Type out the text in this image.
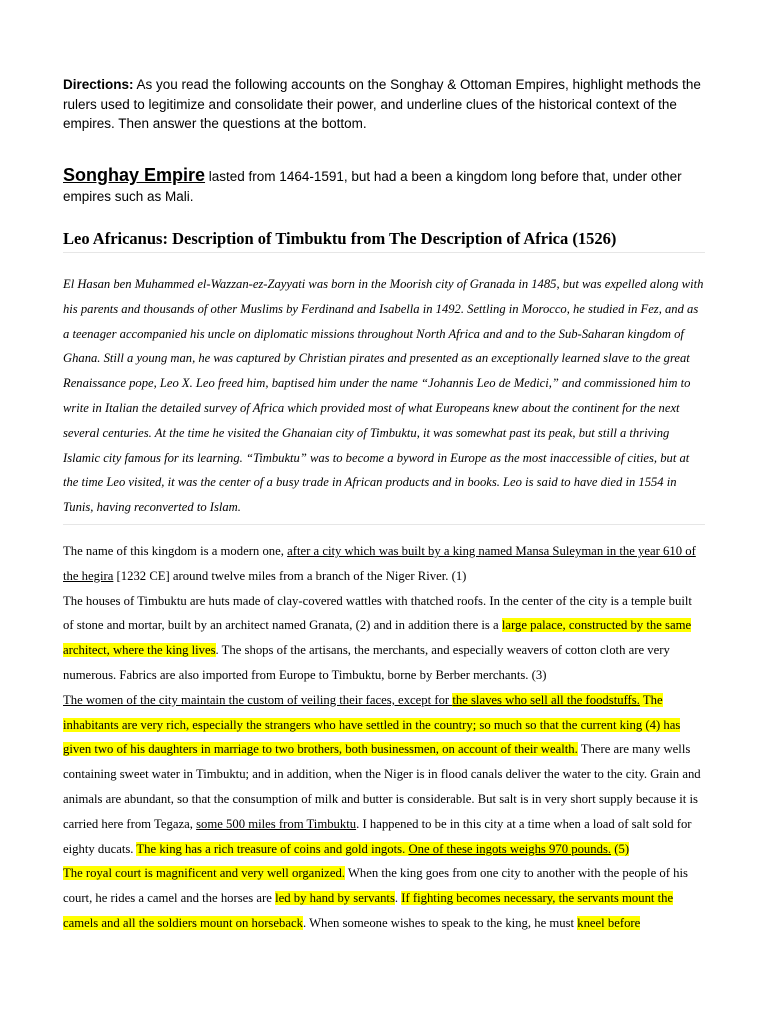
Directions: As you read the following accounts on the Songhay & Ottoman Empires, highlight methods the rulers used to legitimize and consolidate their power, and underline clues of the historical context of the empires. Then answer the questions at the bottom.
Songhay Empire lasted from 1464-1591, but had a been a kingdom long before that, under other empires such as Mali.
Leo Africanus: Description of Timbuktu from The Description of Africa (1526)
El Hasan ben Muhammed el-Wazzan-ez-Zayyati was born in the Moorish city of Granada in 1485, but was expelled along with his parents and thousands of other Muslims by Ferdinand and Isabella in 1492. Settling in Morocco, he studied in Fez, and as a teenager accompanied his uncle on diplomatic missions throughout North Africa and and to the Sub-Saharan kingdom of Ghana. Still a young man, he was captured by Christian pirates and presented as an exceptionally learned slave to the great Renaissance pope, Leo X. Leo freed him, baptised him under the name “Johannis Leo de Medici,” and commissioned him to write in Italian the detailed survey of Africa which provided most of what Europeans knew about the continent for the next several centuries. At the time he visited the Ghanaian city of Timbuktu, it was somewhat past its peak, but still a thriving Islamic city famous for its learning. “Timbuktu” was to become a byword in Europe as the most inaccessible of cities, but at the time Leo visited, it was the center of a busy trade in African products and in books. Leo is said to have died in 1554 in Tunis, having reconverted to Islam.

The name of this kingdom is a modern one, after a city which was built by a king named Mansa Suleyman in the year 610 of the hegira [1232 CE] around twelve miles from a branch of the Niger River. (1)

The houses of Timbuktu are huts made of clay-covered wattles with thatched roofs. In the center of the city is a temple built of stone and mortar, built by an architect named Granata, (2) and in addition there is a large palace, constructed by the same architect, where the king lives. The shops of the artisans, the merchants, and especially weavers of cotton cloth are very numerous. Fabrics are also imported from Europe to Timbuktu, borne by Berber merchants. (3)

The women of the city maintain the custom of veiling their faces, except for the slaves who sell all the foodstuffs. The inhabitants are very rich, especially the strangers who have settled in the country; so much so that the current king (4) has given two of his daughters in marriage to two brothers, both businessmen, on account of their wealth. There are many wells containing sweet water in Timbuktu; and in addition, when the Niger is in flood canals deliver the water to the city. Grain and animals are abundant, so that the consumption of milk and butter is considerable. But salt is in very short supply because it is carried here from Tegaza, some 500 miles from Timbuktu. I happened to be in this city at a time when a load of salt sold for eighty ducats. The king has a rich treasure of coins and gold ingots. One of these ingots weighs 970 pounds. (5)

The royal court is magnificent and very well organized. When the king goes from one city to another with the people of his court, he rides a camel and the horses are led by hand by servants. If fighting becomes necessary, the servants mount the camels and all the soldiers mount on horseback. When someone wishes to speak to the king, he must kneel before
